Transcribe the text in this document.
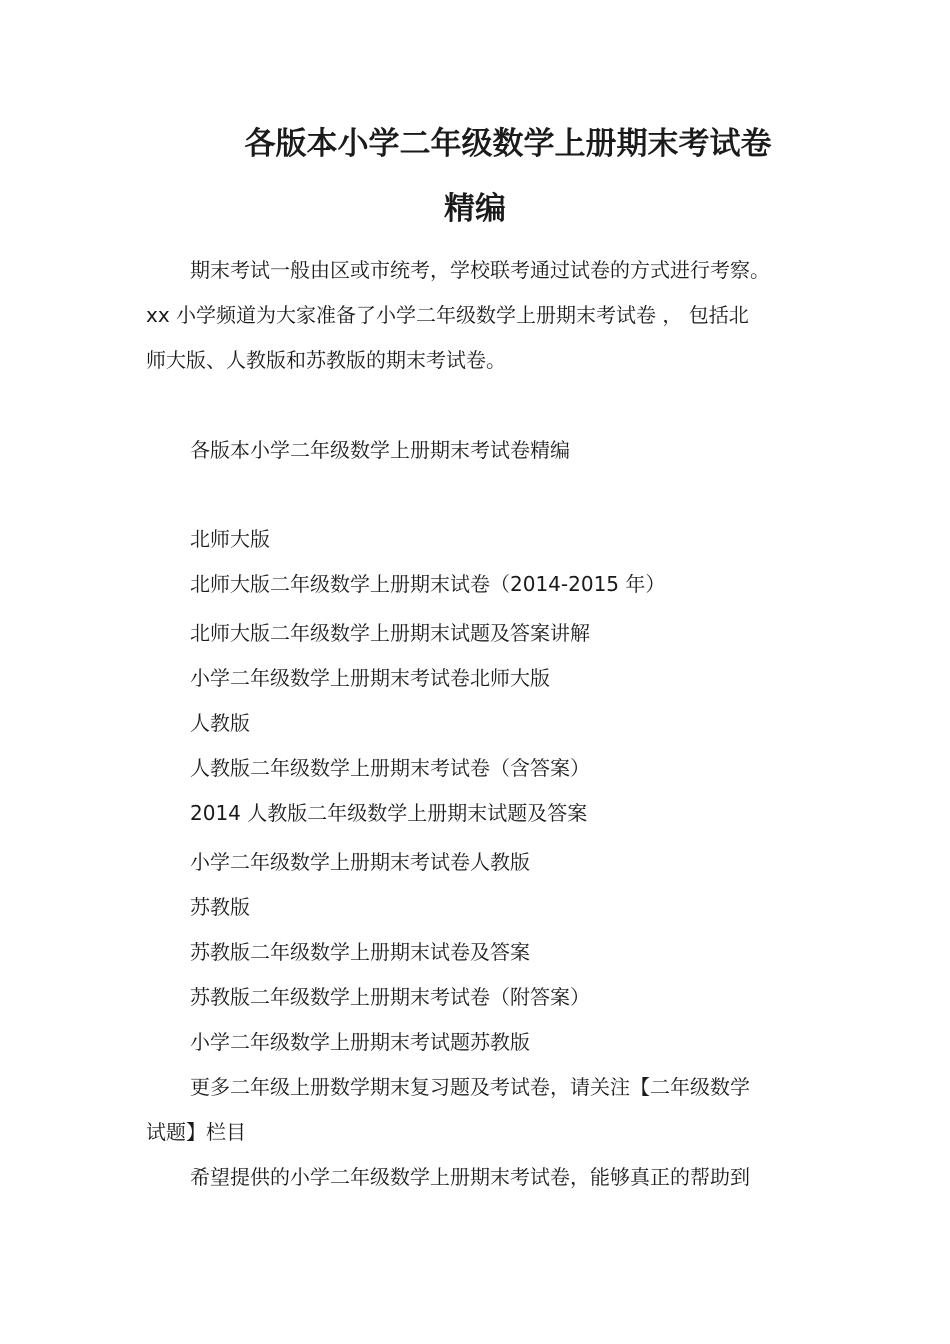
各版本小学二年级数学上册期末考试卷
精编
期末考试一般由区或市统考，学校联考通过试卷的方式进行考察。
xx 小学频道为大家准备了小学二年级数学上册期末考试卷 ， 包括北
师大版、人教版和苏教版的期末考试卷。
各版本小学二年级数学上册期末考试卷精编
北师大版
北师大版二年级数学上册期末试卷（2014-2015 年）
北师大版二年级数学上册期末试题及答案讲解
小学二年级数学上册期末考试卷北师大版
人教版
人教版二年级数学上册期末考试卷（含答案）
2014 人教版二年级数学上册期末试题及答案
小学二年级数学上册期末考试卷人教版
苏教版
苏教版二年级数学上册期末试卷及答案
苏教版二年级数学上册期末考试卷（附答案）
小学二年级数学上册期末考试题苏教版
更多二年级上册数学期末复习题及考试卷，请关注【二年级数学
试题】栏目
希望提供的小学二年级数学上册期末考试卷，能够真正的帮助到
